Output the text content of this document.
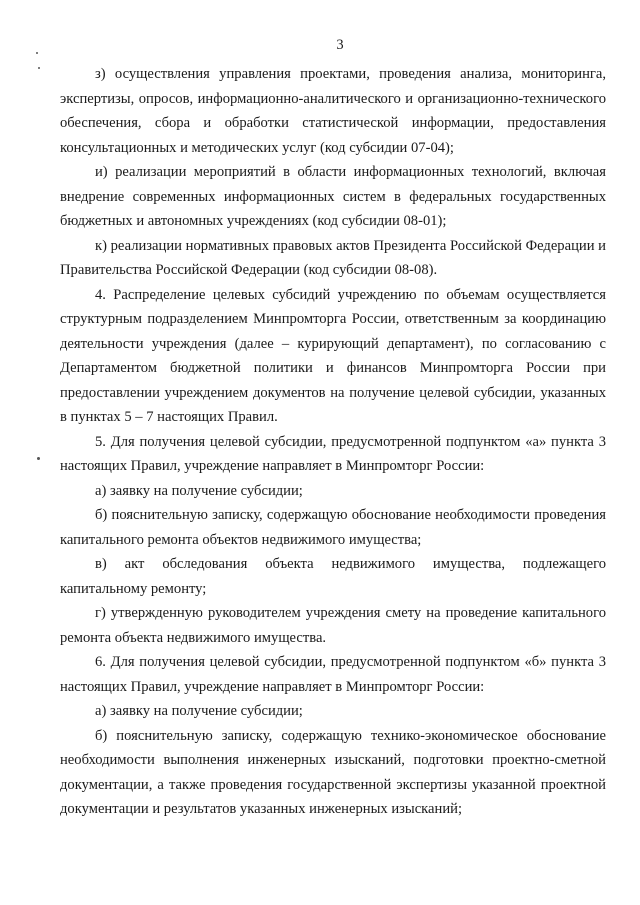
3

з) осуществления управления проектами, проведения анализа, мониторинга, экспертизы, опросов, информационно-аналитического и организационно-технического обеспечения, сбора и обработки статистической информации, предоставления консультационных и методических услуг (код субсидии 07-04);

и) реализации мероприятий в области информационных технологий, включая внедрение современных информационных систем в федеральных государственных бюджетных и автономных учреждениях (код субсидии 08-01);

к) реализации нормативных правовых актов Президента Российской Федерации и Правительства Российской Федерации (код субсидии 08-08).

4. Распределение целевых субсидий учреждению по объемам осуществляется структурным подразделением Минпромторга России, ответственным за координацию деятельности учреждения (далее – курирующий департамент), по согласованию с Департаментом бюджетной политики и финансов Минпромторга России при предоставлении учреждением документов на получение целевой субсидии, указанных в пунктах 5 – 7 настоящих Правил.

5. Для получения целевой субсидии, предусмотренной подпунктом «а» пункта 3 настоящих Правил, учреждение направляет в Минпромторг России:

а) заявку на получение субсидии;

б) пояснительную записку, содержащую обоснование необходимости проведения капитального ремонта объектов недвижимого имущества;

в) акт обследования объекта недвижимого имущества, подлежащего капитальному ремонту;

г) утвержденную руководителем учреждения смету на проведение капитального ремонта объекта недвижимого имущества.

6. Для получения целевой субсидии, предусмотренной подпунктом «б» пункта 3 настоящих Правил, учреждение направляет в Минпромторг России:

а) заявку на получение субсидии;

б) пояснительную записку, содержащую технико-экономическое обоснование необходимости выполнения инженерных изысканий, подготовки проектно-сметной документации, а также проведения государственной экспертизы указанной проектной документации и результатов указанных инженерных изысканий;
